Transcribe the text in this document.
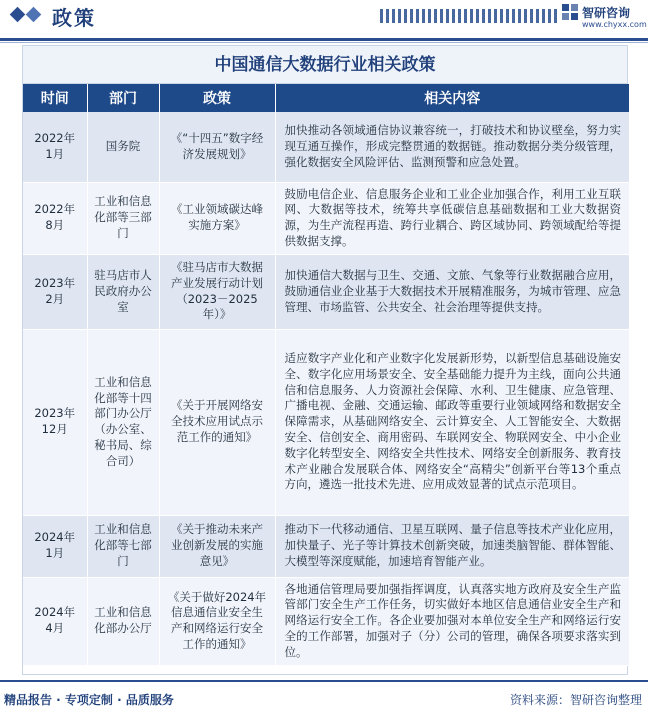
政策	智研咨询
www.chyxx.com
中国通信大数据行业相关政策
时间	部门	政策	相关内容
2022年
1月	国务院	《“十四五”数字经济发展规划》	加快推动各领域通信协议兼容统一，打破技术和协议壁垒，努力实现互通互操作，形成完整贯通的数据链。推动数据分类分级管理，强化数据安全风险评估、监测预警和应急处置。
2022年
8月	工业和信息化部等三部门	《工业领域碳达峰实施方案》	鼓励电信企业、信息服务企业和工业企业加强合作，利用工业互联网、大数据等技术，统筹共享低碳信息基础数据和工业大数据资源，为生产流程再造、跨行业耦合、跨区域协同、跨领域配给等提供数据支撑。
2023年
2月	驻马店市人民政府办公室	《驻马店市大数据产业发展行动计划（2023－2025年）》	加快通信大数据与卫生、交通、文旅、气象等行业数据融合应用，鼓励通信业企业基于大数据技术开展精准服务，为城市管理、应急管理、市场监管、公共安全、社会治理等提供支持。
2023年
12月	工业和信息化部等十四部门办公厅（办公室、秘书局、综合司）	《关于开展网络安全技术应用试点示范工作的通知》	适应数字产业化和产业数字化发展新形势，以新型信息基础设施安全、数字化应用场景安全、安全基础能力提升为主线，面向公共通信和信息服务、人力资源社会保障、水利、卫生健康、应急管理、广播电视、金融、交通运输、邮政等重要行业领域网络和数据安全保障需求，从基础网络安全、云计算安全、人工智能安全、大数据安全、信创安全、商用密码、车联网安全、物联网安全、中小企业数字化转型安全、网络安全共性技术、网络安全创新服务、教育技术产业融合发展联合体、网络安全“高精尖”创新平台等13个重点方向，遴选一批技术先进、应用成效显著的试点示范项目。
2024年
1月	工业和信息化部等七部门	《关于推动未来产业创新发展的实施意见》	推动下一代移动通信、卫星互联网、量子信息等技术产业化应用，加快量子、光子等计算技术创新突破，加速类脑智能、群体智能、大模型等深度赋能，加速培育智能产业。
2024年
4月	工业和信息化部办公厅	《关于做好2024年信息通信业安全生产和网络运行安全工作的通知》	各地通信管理局要加强指挥调度，认真落实地方政府及安全生产监管部门安全生产工作任务，切实做好本地区信息通信业安全生产和网络运行安全工作。各企业要加强对本单位安全生产和网络运行安全的工作部署，加强对子（分）公司的管理，确保各项要求落实到位。
精品报告 · 专项定制 · 品质服务	资料来源：智研咨询整理
